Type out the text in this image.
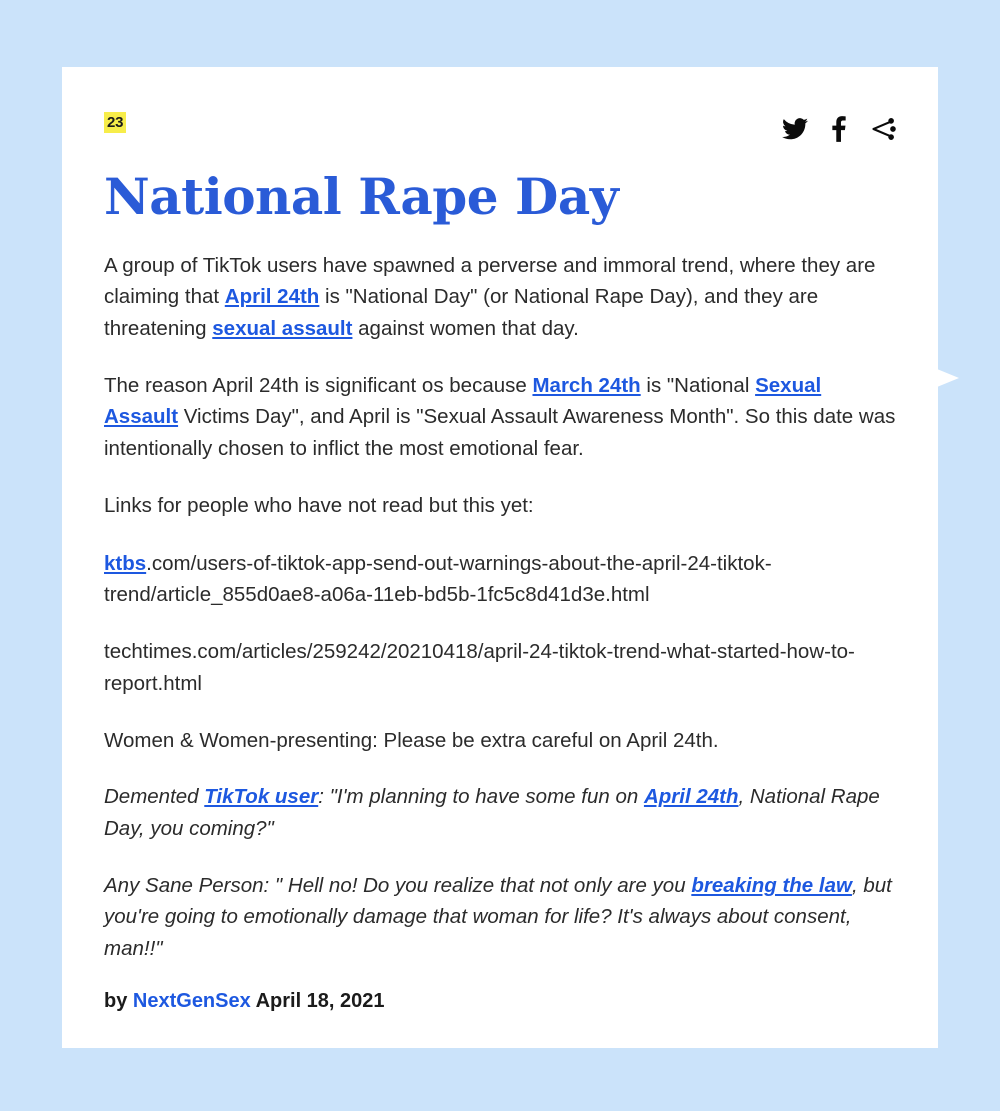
23
National Rape Day

A group of TikTok users have spawned a perverse and immoral trend, where they are claiming that April 24th is "National Day" (or National Rape Day), and they are threatening sexual assault against women that day.

The reason April 24th is significant os because March 24th is "National Sexual Assault Victims Day", and April is "Sexual Assault Awareness Month". So this date was intentionally chosen to inflict the most emotional fear.

Links for people who have not read but this yet:

ktbs.com/users-of-tiktok-app-send-out-warnings-about-the-april-24-tiktok-trend/article_855d0ae8-a06a-11eb-bd5b-1fc5c8d41d3e.html

techtimes.com/articles/259242/20210418/april-24-tiktok-trend-what-started-how-to-report.html

Women & Women-presenting: Please be extra careful on April 24th.

Demented TikTok user: "I'm planning to have some fun on April 24th, National Rape Day, you coming?"

Any Sane Person: " Hell no! Do you realize that not only are you breaking the law, but you're going to emotionally damage that woman for life? It's always about consent, man!!"

by NextGenSex April 18, 2021
